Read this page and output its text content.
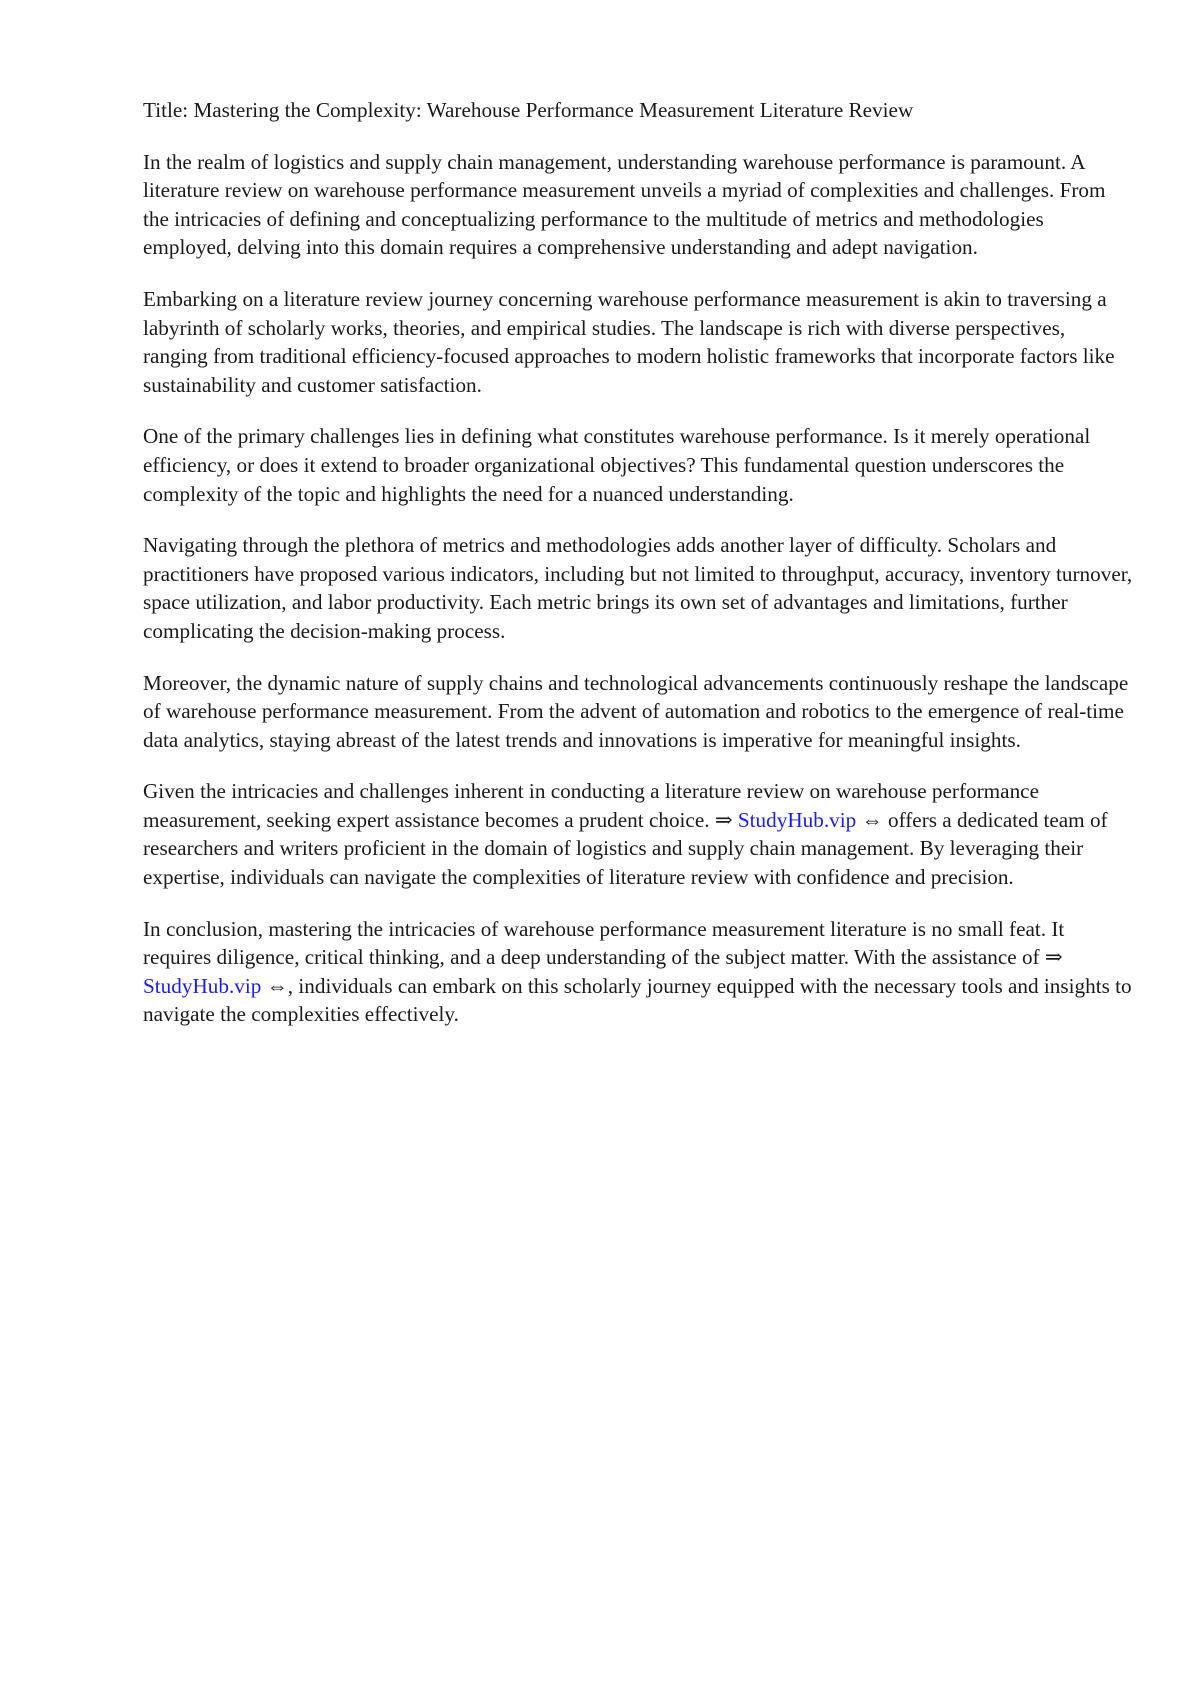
Title: Mastering the Complexity: Warehouse Performance Measurement Literature Review

In the realm of logistics and supply chain management, understanding warehouse performance is paramount. A literature review on warehouse performance measurement unveils a myriad of complexities and challenges. From the intricacies of defining and conceptualizing performance to the multitude of metrics and methodologies employed, delving into this domain requires a comprehensive understanding and adept navigation.

Embarking on a literature review journey concerning warehouse performance measurement is akin to traversing a labyrinth of scholarly works, theories, and empirical studies. The landscape is rich with diverse perspectives, ranging from traditional efficiency-focused approaches to modern holistic frameworks that incorporate factors like sustainability and customer satisfaction.

One of the primary challenges lies in defining what constitutes warehouse performance. Is it merely operational efficiency, or does it extend to broader organizational objectives? This fundamental question underscores the complexity of the topic and highlights the need for a nuanced understanding.

Navigating through the plethora of metrics and methodologies adds another layer of difficulty. Scholars and practitioners have proposed various indicators, including but not limited to throughput, accuracy, inventory turnover, space utilization, and labor productivity. Each metric brings its own set of advantages and limitations, further complicating the decision-making process.

Moreover, the dynamic nature of supply chains and technological advancements continuously reshape the landscape of warehouse performance measurement. From the advent of automation and robotics to the emergence of real-time data analytics, staying abreast of the latest trends and innovations is imperative for meaningful insights.

Given the intricacies and challenges inherent in conducting a literature review on warehouse performance measurement, seeking expert assistance becomes a prudent choice. ⇒ StudyHub.vip ⇔ offers a dedicated team of researchers and writers proficient in the domain of logistics and supply chain management. By leveraging their expertise, individuals can navigate the complexities of literature review with confidence and precision.

In conclusion, mastering the intricacies of warehouse performance measurement literature is no small feat. It requires diligence, critical thinking, and a deep understanding of the subject matter. With the assistance of ⇒ StudyHub.vip ⇔, individuals can embark on this scholarly journey equipped with the necessary tools and insights to navigate the complexities effectively.
